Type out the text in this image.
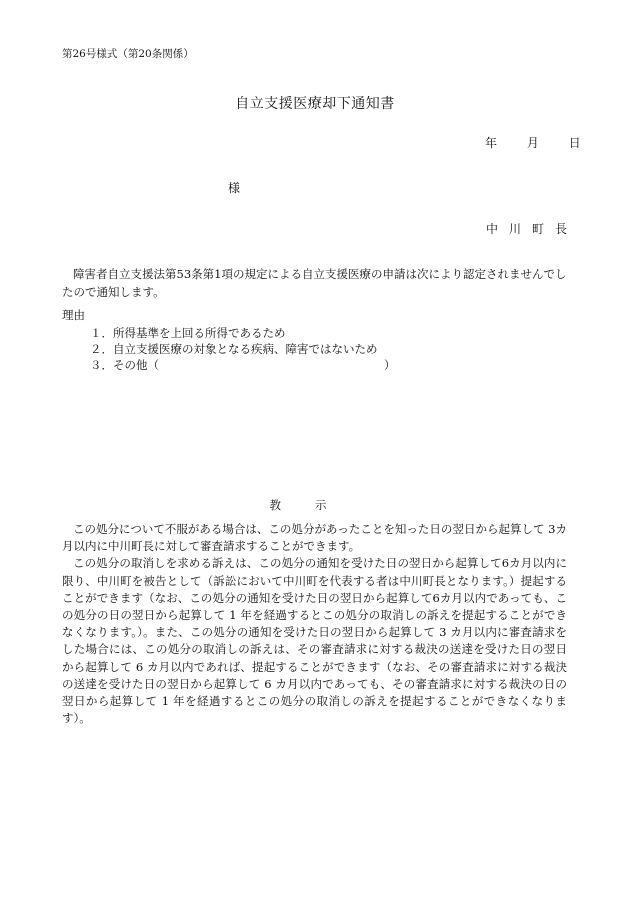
第26号様式（第20条関係）
自立支援医療却下通知書
年 月 日
様
中川町長
障害者自立支援法第53条第1項の規定による自立支援医療の申請は次により認定されませんでしたので通知します。
理由
１．所得基準を上回る所得であるため
２．自立支援医療の対象となる疾病、障害ではないため
３．その他（	）
教示

この処分について不服がある場合は、この処分があったことを知った日の翌日から起算して 3カ月以内に中川町長に対して審査請求することができます。

この処分の取消しを求める訴えは、この処分の通知を受けた日の翌日から起算して6カ月以内に限り、中川町を被告として（訴訟において中川町を代表する者は中川町長となります。）提起することができます（なお、この処分の通知を受けた日の翌日から起算して6カ月以内であっても、この処分の日の翌日から起算して 1 年を経過するとこの処分の取消しの訴えを提起することができなくなります。）。また、この処分の通知を受けた日の翌日から起算して 3 カ月以内に審査請求をした場合には、この処分の取消しの訴えは、その審査請求に対する裁決の送達を受けた日の翌日から起算して 6 カ月以内であれば、提起することができます（なお、その審査請求に対する裁決の送達を受けた日の翌日から起算して 6 カ月以内であっても、その審査請求に対する裁決の日の翌日から起算して 1 年を経過するとこの処分の取消しの訴えを提起することができなくなります）。
